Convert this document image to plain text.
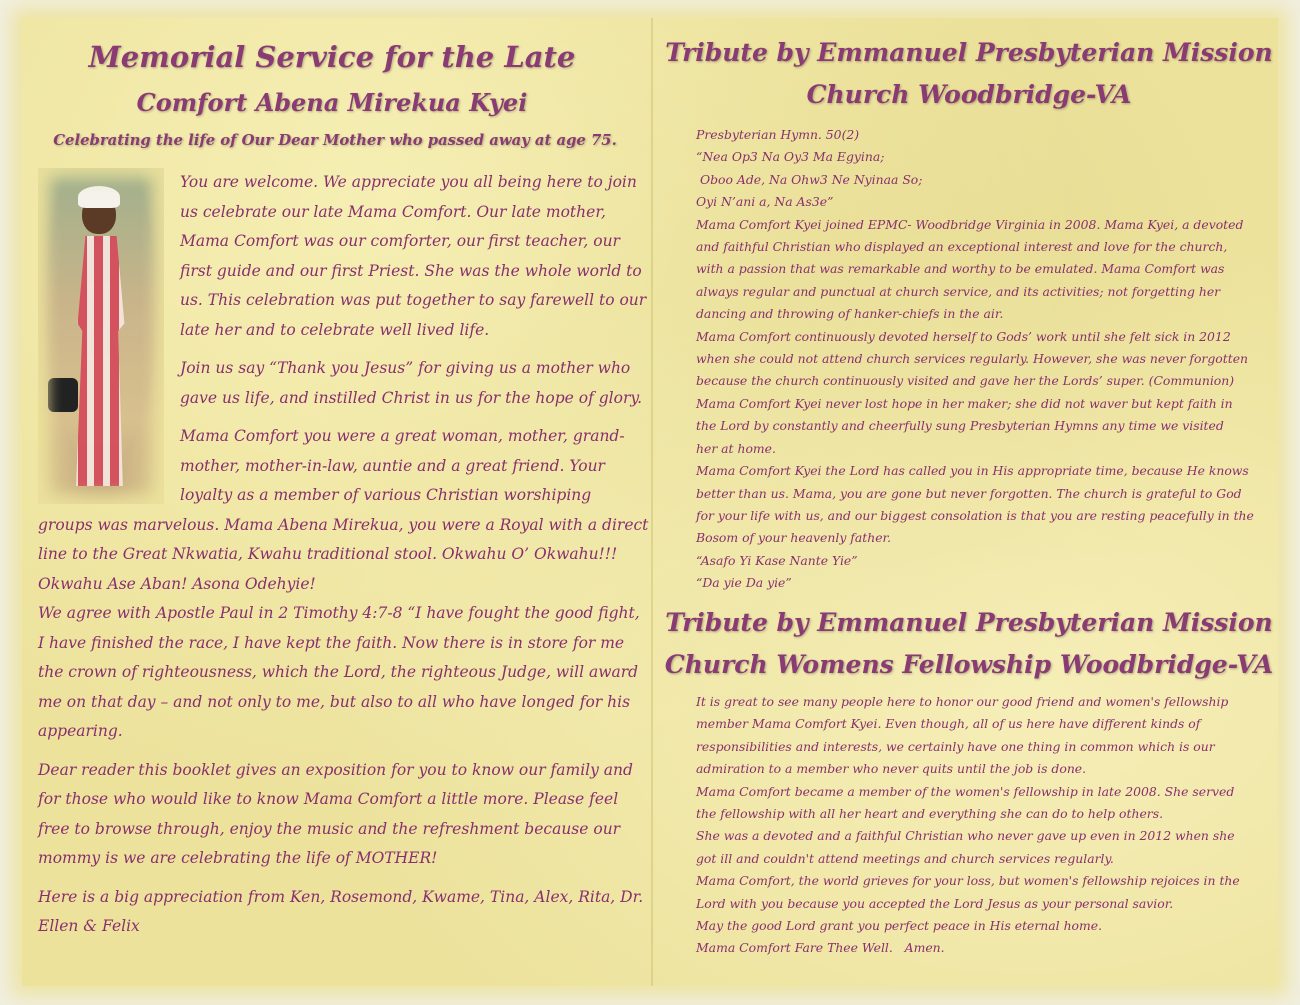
Memorial Service for the Late
Comfort Abena Mirekua Kyei
Celebrating the life of Our Dear Mother who passed away at age 75.

You are welcome. We appreciate you all being here to join us celebrate our late Mama Comfort. Our late mother, Mama Comfort was our comforter, our first teacher, our first guide and our first Priest. She was the whole world to us. This celebration was put together to say farewell to our late her and to celebrate well lived life.

Join us say “Thank you Jesus” for giving us a mother who gave us life, and instilled Christ in us for the hope of glory.

Mama Comfort you were a great woman, mother, grand-mother, mother-in-law, auntie and a great friend. Your loyalty as a member of various Christian worshiping groups was marvelous. Mama Abena Mirekua, you were a Royal with a direct line to the Great Nkwatia, Kwahu traditional stool. Okwahu O’ Okwahu!!! Okwahu Ase Aban! Asona Odehyie!

We agree with Apostle Paul in 2 Timothy 4:7-8 “I have fought the good fight, I have finished the race, I have kept the faith. Now there is in store for me the crown of righteousness, which the Lord, the righteous Judge, will award me on that day – and not only to me, but also to all who have longed for his appearing.

Dear reader this booklet gives an exposition for you to know our family and for those who would like to know Mama Comfort a little more. Please feel free to browse through, enjoy the music and the refreshment because our mommy is we are celebrating the life of MOTHER!

Here is a big appreciation from Ken, Rosemond, Kwame, Tina, Alex, Rita, Dr. Ellen & Felix

Tribute by Emmanuel Presbyterian Mission
Church Woodbridge-VA

Presbyterian Hymn. 50(2)

“Nea Op3 Na Oy3 Ma Egyina;

Oboo Ade, Na Ohw3 Ne Nyinaa So;

Oyi N’ani a, Na As3e”

Mama Comfort Kyei joined EPMC- Woodbridge Virginia in 2008. Mama Kyei, a devoted

and faithful Christian who displayed an exceptional interest and love for the church,

with a passion that was remarkable and worthy to be emulated. Mama Comfort was

always regular and punctual at church service, and its activities; not forgetting her

dancing and throwing of hanker-chiefs in the air.

Mama Comfort continuously devoted herself to Gods’ work until she felt sick in 2012

when she could not attend church services regularly. However, she was never forgotten

because the church continuously visited and gave her the Lords’ super. (Communion)

Mama Comfort Kyei never lost hope in her maker; she did not waver but kept faith in

the Lord by constantly and cheerfully sung Presbyterian Hymns any time we visited

her at home.

Mama Comfort Kyei the Lord has called you in His appropriate time, because He knows

better than us. Mama, you are gone but never forgotten. The church is grateful to God

for your life with us, and our biggest consolation is that you are resting peacefully in the

Bosom of your heavenly father.

“Asafo Yi Kase Nante Yie”

“Da yie Da yie”

Tribute by Emmanuel Presbyterian Mission
Church Womens Fellowship Woodbridge-VA

It is great to see many people here to honor our good friend and women's fellowship

member Mama Comfort Kyei. Even though, all of us here have different kinds of

responsibilities and interests, we certainly have one thing in common which is our

admiration to a member who never quits until the job is done.

Mama Comfort became a member of the women's fellowship in late 2008. She served

the fellowship with all her heart and everything she can do to help others.

She was a devoted and a faithful Christian who never gave up even in 2012 when she

got ill and couldn't attend meetings and church services regularly.

Mama Comfort, the world grieves for your loss, but women's fellowship rejoices in the

Lord with you because you accepted the Lord Jesus as your personal savior.

May the good Lord grant you perfect peace in His eternal home.

Mama Comfort Fare Thee Well.   Amen.
